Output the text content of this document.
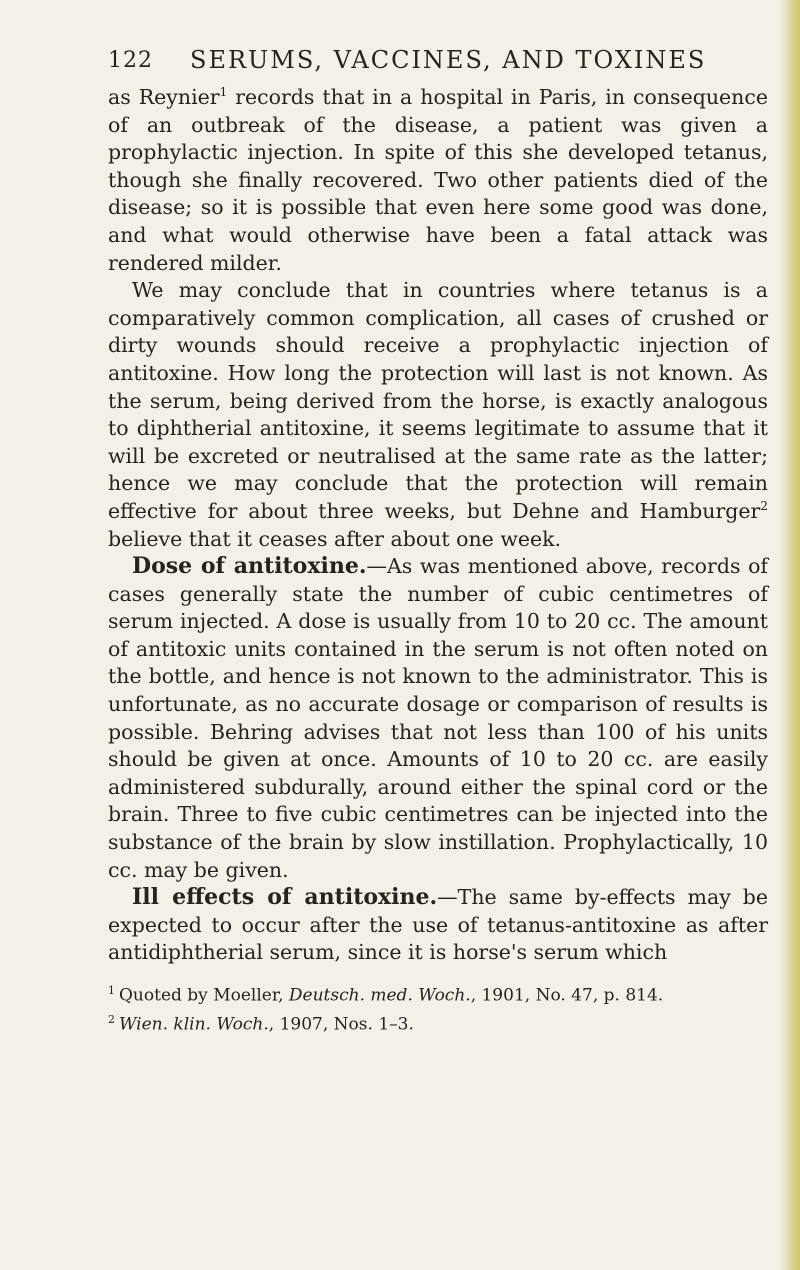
122 SERUMS, VACCINES, AND TOXINES

as Reynier$^1$ records that in a hospital in Paris, in consequence of an outbreak of the disease, a patient was given a prophylactic injection. In spite of this she developed tetanus, though she finally recovered. Two other patients died of the disease; so it is possible that even here some good was done, and what would otherwise have been a fatal attack was rendered milder.

We may conclude that in countries where tetanus is a comparatively common complication, all cases of crushed or dirty wounds should receive a prophylactic injection of antitoxine. How long the protection will last is not known. As the serum, being derived from the horse, is exactly analogous to diphtherial antitoxine, it seems legitimate to assume that it will be excreted or neutralised at the same rate as the latter; hence we may conclude that the protection will remain effective for about three weeks, but Dehne and Hamburger$^2$ believe that it ceases after about one week.

Dose of antitoxine.—As was mentioned above, records of cases generally state the number of cubic centimetres of serum injected. A dose is usually from 10 to 20 cc. The amount of antitoxic units contained in the serum is not often noted on the bottle, and hence is not known to the administrator. This is unfortunate, as no accurate dosage or comparison of results is possible. Behring advises that not less than 100 of his units should be given at once. Amounts of 10 to 20 cc. are easily administered subdurally, around either the spinal cord or the brain. Three to five cubic centimetres can be injected into the substance of the brain by slow instillation. Prophylactically, 10 cc. may be given.

Ill effects of antitoxine.—The same by-effects may be expected to occur after the use of tetanus-antitoxine as after antidiphtherial serum, since it is horse's serum which

$^1$ Quoted by Moeller, Deutsch. med. Woch., 1901, No. 47, p. 814.

$^2$ Wien. klin. Woch., 1907, Nos. 1–3.
